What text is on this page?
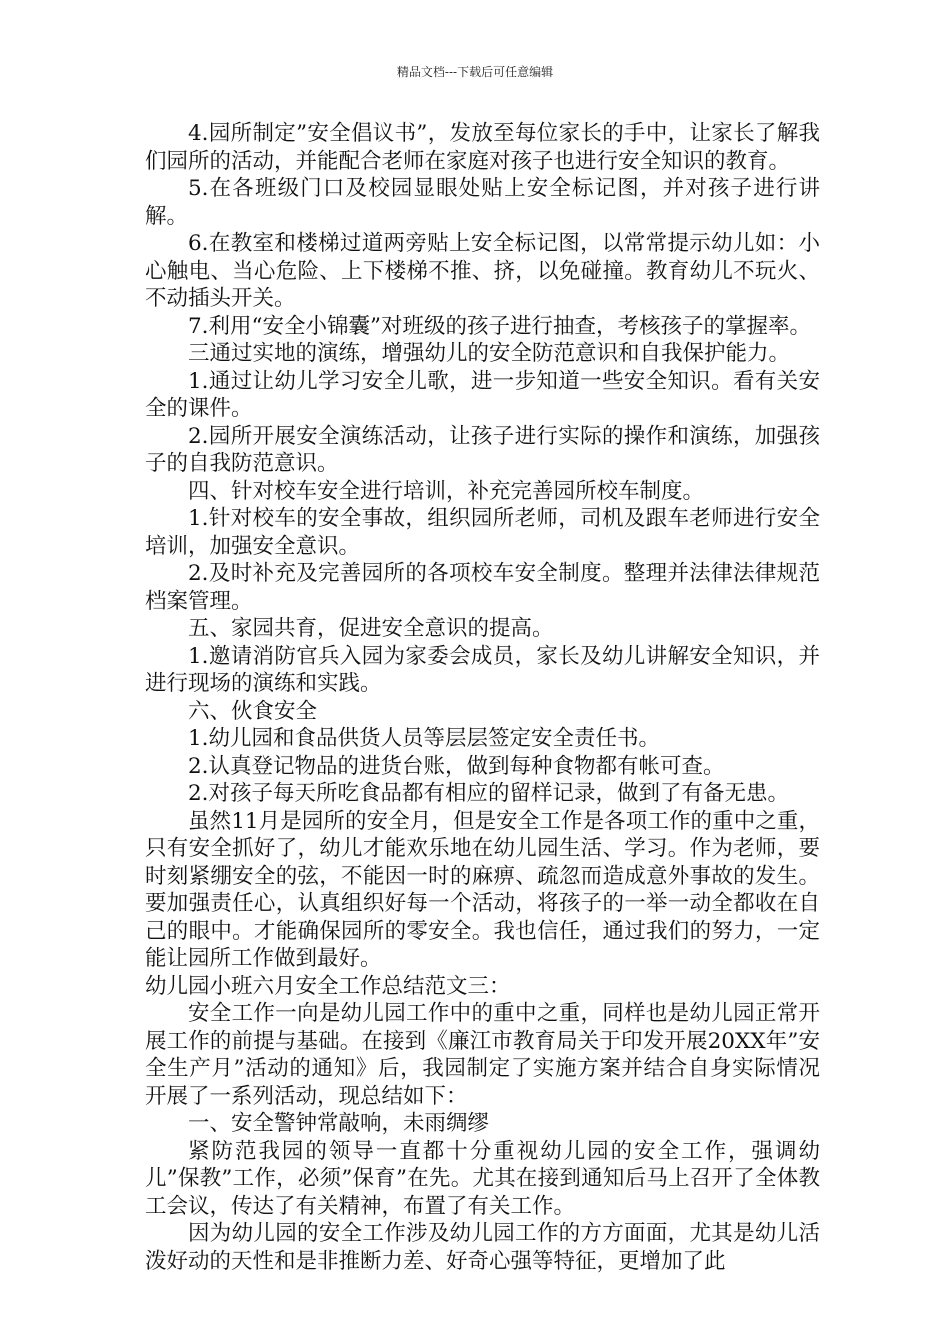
精品文档---下载后可任意编辑

4.园所制定”安全倡议书”，发放至每位家长的手中，让家长了解我们园所的活动，并能配合老师在家庭对孩子也进行安全知识的教育。

5.在各班级门口及校园显眼处贴上安全标记图，并对孩子进行讲解。

6.在教室和楼梯过道两旁贴上安全标记图，以常常提示幼儿如：小心触电、当心危险、上下楼梯不推、挤，以免碰撞。教育幼儿不玩火、不动插头开关。

7.利用“安全小锦囊”对班级的孩子进行抽查，考核孩子的掌握率。

三通过实地的演练，增强幼儿的安全防范意识和自我保护能力。

1.通过让幼儿学习安全儿歌，进一步知道一些安全知识。看有关安全的课件。

2.园所开展安全演练活动，让孩子进行实际的操作和演练，加强孩子的自我防范意识。

四、针对校车安全进行培训，补充完善园所校车制度。

1.针对校车的安全事故，组织园所老师，司机及跟车老师进行安全培训，加强安全意识。

2.及时补充及完善园所的各项校车安全制度。整理并法律法律规范档案管理。

五、家园共育，促进安全意识的提高。

1.邀请消防官兵入园为家委会成员，家长及幼儿讲解安全知识，并进行现场的演练和实践。

六、伙食安全

1.幼儿园和食品供货人员等层层签定安全责任书。

2.认真登记物品的进货台账，做到每种食物都有帐可查。

2.对孩子每天所吃食品都有相应的留样记录，做到了有备无患。

虽然11月是园所的安全月，但是安全工作是各项工作的重中之重，只有安全抓好了，幼儿才能欢乐地在幼儿园生活、学习。作为老师，要时刻紧绷安全的弦，不能因一时的麻痹、疏忽而造成意外事故的发生。要加强责任心，认真组织好每一个活动，将孩子的一举一动全都收在自己的眼中。才能确保园所的零安全。我也信任，通过我们的努力，一定能让园所工作做到最好。

幼儿园小班六月安全工作总结范文三：

安全工作一向是幼儿园工作中的重中之重，同样也是幼儿园正常开展工作的前提与基础。在接到《廉江市教育局关于印发开展20XX年”安全生产月”活动的通知》后，我园制定了实施方案并结合自身实际情况开展了一系列活动，现总结如下：

一、安全警钟常敲响，未雨绸缪

紧防范我园的领导一直都十分重视幼儿园的安全工作，强调幼儿”保教”工作，必须”保育”在先。尤其在接到通知后马上召开了全体教工会议，传达了有关精神，布置了有关工作。

因为幼儿园的安全工作涉及幼儿园工作的方方面面，尤其是幼儿活泼好动的天性和是非推断力差、好奇心强等特征，更增加了此
